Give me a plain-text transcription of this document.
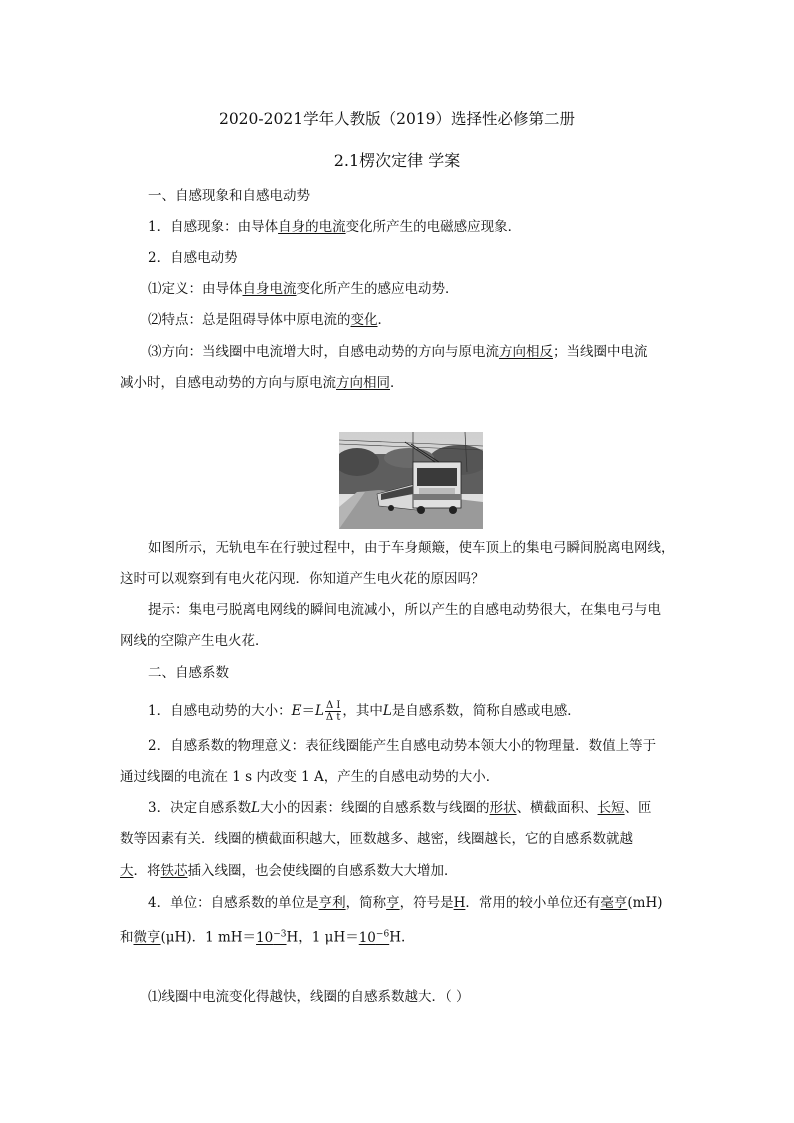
2020-2021学年人教版（2019）选择性必修第二册
2.1楞次定律 学案
一、自感现象和自感电动势
1．自感现象：由导体自身的电流变化所产生的电磁感应现象．
2．自感电动势
⑴定义：由导体自身电流变化所产生的感应电动势．
⑵特点：总是阻碍导体中原电流的变化．
⑶方向：当线圈中电流增大时，自感电动势的方向与原电流方向相反；当线圈中电流
减小时，自感电动势的方向与原电流方向相同．
如图所示，无轨电车在行驶过程中，由于车身颠簸，使车顶上的集电弓瞬间脱离电网线，
这时可以观察到有电火花闪现．你知道产生电火花的原因吗？
提示：集电弓脱离电网线的瞬间电流减小，所以产生的自感电动势很大，在集电弓与电
网线的空隙产生电火花．
二、自感系数
1．自感电动势的大小：$E=L \frac{\text{Δ I}}{\text{Δ t}}$ ，其中L是自感系数，简称自感或电感．
2．自感系数的物理意义：表征线圈能产生自感电动势本领大小的物理量．数值上等于
通过线圈的电流在 1 s 内改变 1 A，产生的自感电动势的大小．
3．决定自感系数L大小的因素：线圈的自感系数与线圈的形状、横截面积、长短、匝
数等因素有关．线圈的横截面积越大，匝数越多、越密，线圈越长，它的自感系数就越
大．将铁芯插入线圈，也会使线圈的自感系数大大增加．
4．单位：自感系数的单位是亨利，简称亨，符号是H．常用的较小单位还有毫亨(mH)
和微亨(μH)．1 $mH=10^{-3}H$，1 $\mu H=10^{-6}H$.
⑴线圈中电流变化得越快，线圈的自感系数越大．（ ）
